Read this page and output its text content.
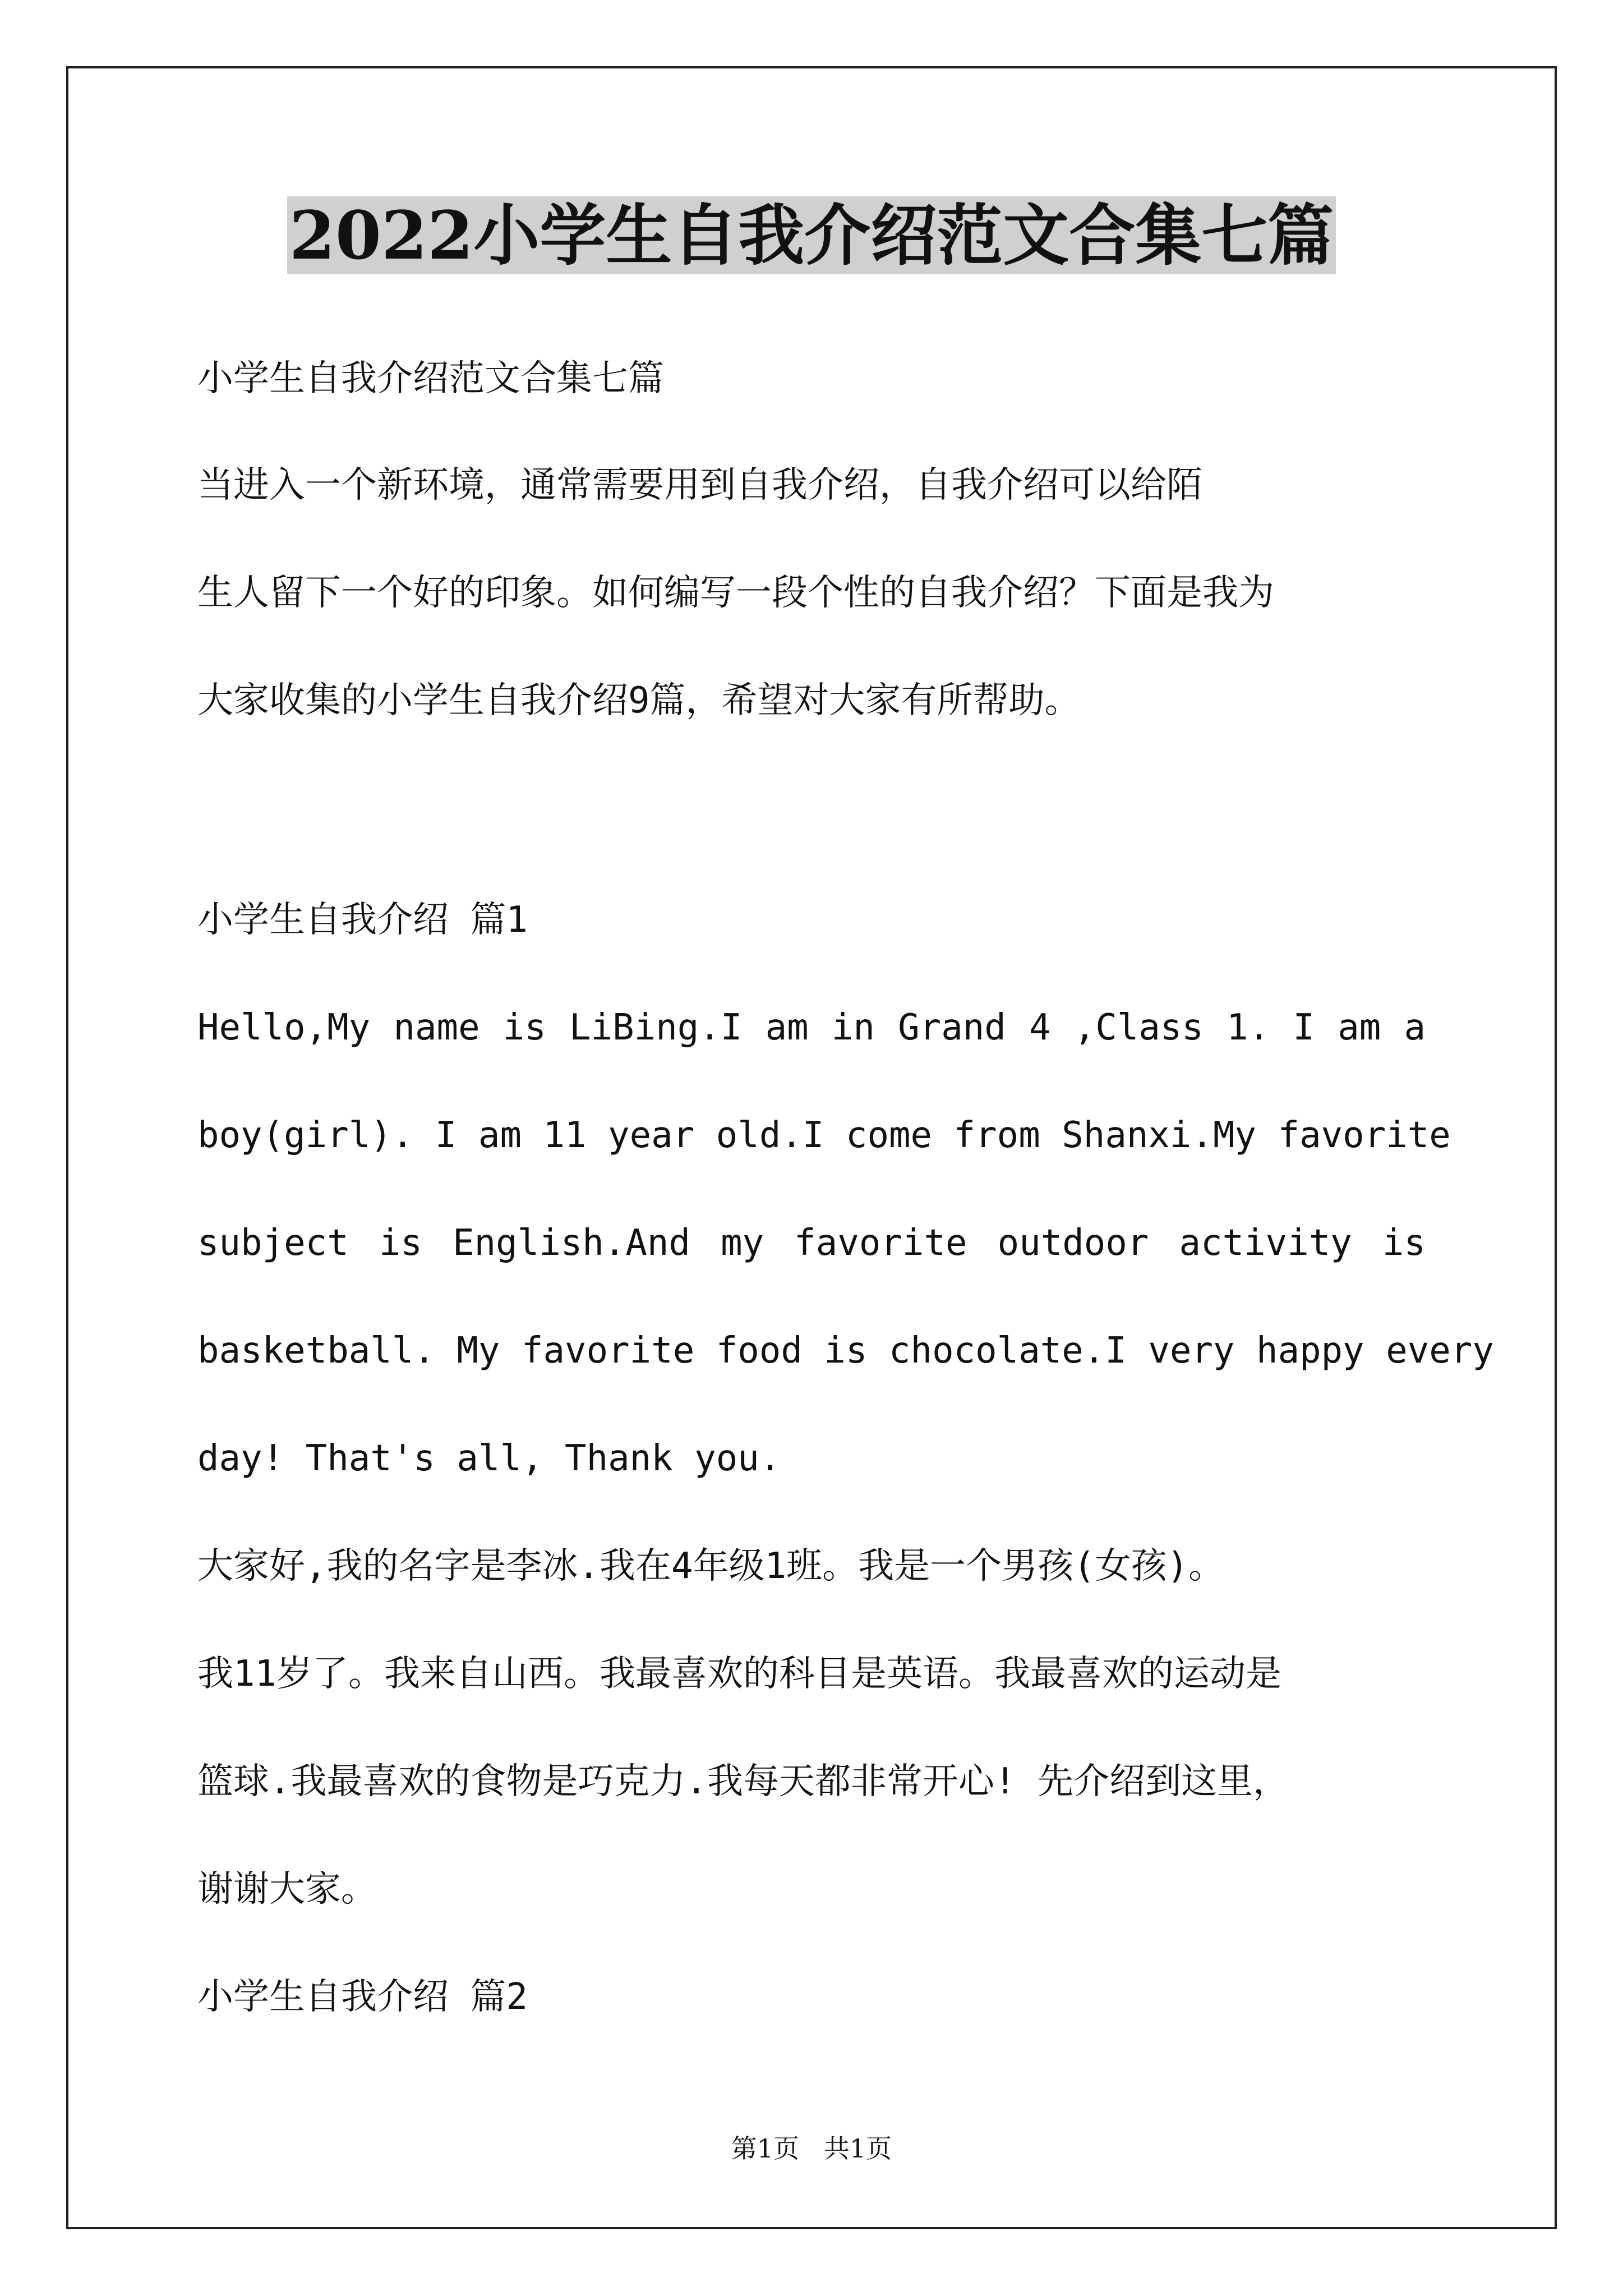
2022小学生自我介绍范文合集七篇

小学生自我介绍范文合集七篇

当进入一个新环境，通常需要用到自我介绍，自我介绍可以给陌

生人留下一个好的印象。如何编写一段个性的自我介绍？下面是我为

大家收集的小学生自我介绍9篇，希望对大家有所帮助。

小学生自我介绍 篇1

Hello,My name is LiBing.I am in Grand 4 ,Class 1. I am a

boy(girl). I am 11 year old.I come from Shanxi.My favorite

subject is English.And my favorite outdoor activity is

basketball. My favorite food is chocolate.I very happy every

day! That's all, Thank you.

大家好,我的名字是李冰.我在4年级1班。我是一个男孩(女孩)。

我11岁了。我来自山西。我最喜欢的科目是英语。我最喜欢的运动是

篮球.我最喜欢的食物是巧克力.我每天都非常开心! 先介绍到这里，

谢谢大家。

小学生自我介绍 篇2

第1页   共1页
